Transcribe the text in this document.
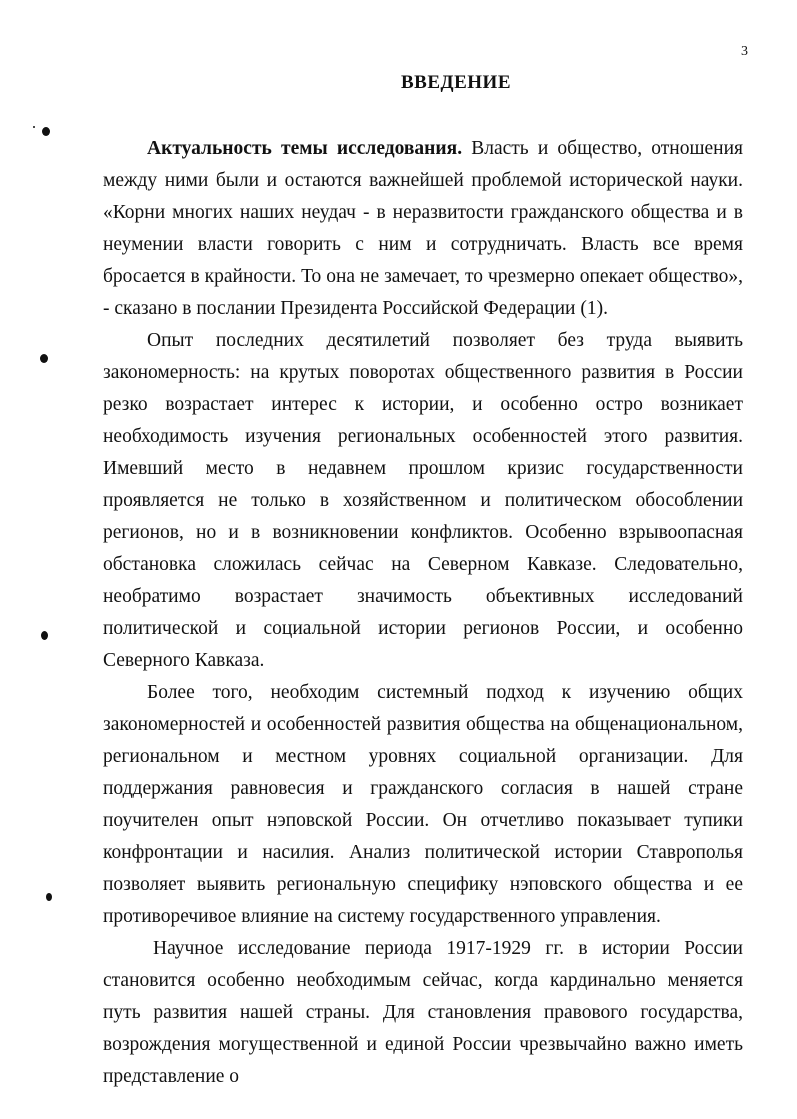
3
ВВЕДЕНИЕ

Актуальность темы исследования. Власть и общество, отношения между ними были и остаются важнейшей проблемой исторической науки. «Корни многих наших неудач - в неразвитости гражданского общества и в неумении власти говорить с ним и сотрудничать. Власть все время бросается в крайности. То она не замечает, то чрезмерно опекает общество», - сказано в послании Президента Российской Федерации (1).

Опыт последних десятилетий позволяет без труда выявить закономерность: на крутых поворотах общественного развития в России резко возрастает интерес к истории, и особенно остро возникает необходимость изучения региональных особенностей этого развития. Имевший место в недавнем прошлом кризис государственности проявляется не только в хозяйственном и политическом обособлении регионов, но и в возникновении конфликтов. Особенно взрывоопасная обстановка сложилась сейчас на Северном Кавказе. Следовательно, необратимо возрастает значимость объективных исследований политической и социальной истории регионов России, и особенно Северного Кавказа.

Более того, необходим системный подход к изучению общих закономерностей и особенностей развития общества на общенациональном, региональном и местном уровнях социальной организации. Для поддержания равновесия и гражданского согласия в нашей стране поучителен опыт нэповской России. Он отчетливо показывает тупики конфронтации и насилия. Анализ политической истории Ставрополья позволяет выявить региональную специфику нэповского общества и ее противоречивое влияние на систему государственного управления.

Научное исследование периода 1917-1929 гг. в истории России становится особенно необходимым сейчас, когда кардинально меняется путь развития нашей страны. Для становления правового государства, возрождения могущественной и единой России чрезвычайно важно иметь представление о
